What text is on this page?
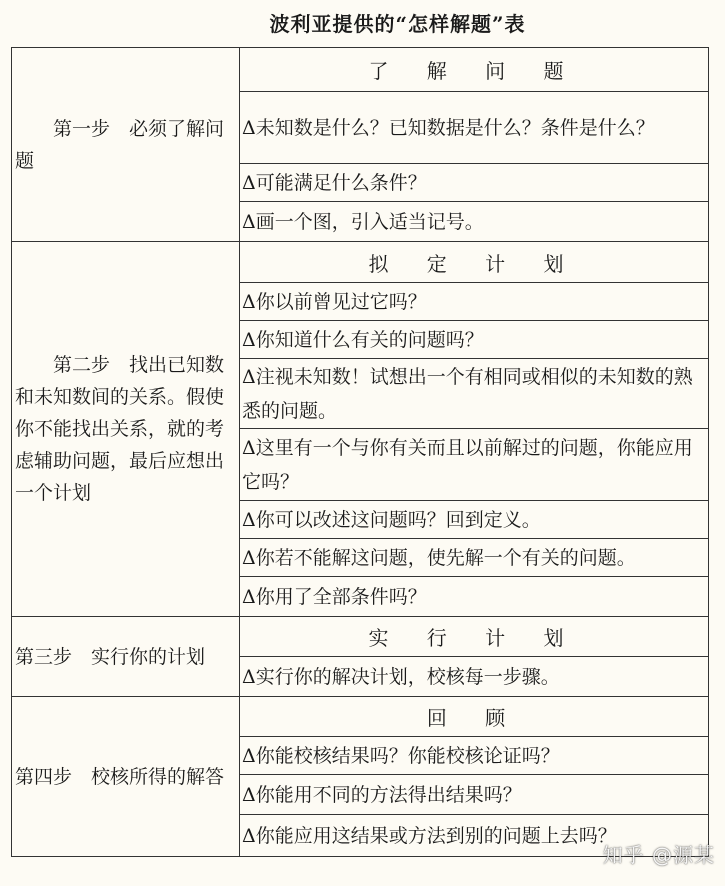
波利亚提供的“怎样解题”表
第一步　必须了解问题	了 解 问 题
	Δ未知数是什么？已知数据是什么？条件是什么？
	Δ可能满足什么条件？
	Δ画一个图，引入适当记号。

第二步　找出已知数和未知数间的关系。假使你不能找出关系，就的考虑辅助问题，最后应想出一个计划	拟 定 计 划
	Δ你以前曾见过它吗？
	Δ你知道什么有关的问题吗？
	Δ注视未知数！试想出一个有相同或相似的未知数的熟悉的问题。
	Δ这里有一个与你有关而且以前解过的问题，你能应用它吗？
	Δ你可以改述这问题吗？回到定义。
	Δ你若不能解这问题，使先解一个有关的问题。
	Δ你用了全部条件吗？

第三步　实行你的计划	实 行 计 划
	Δ实行你的解决计划，校核每一步骤。

第四步　校核所得的解答	回 顾
	Δ你能校核结果吗？你能校核论证吗？
	Δ你能用不同的方法得出结果吗？
	Δ你能应用这结果或方法到别的问题上去吗？
知乎 @源某
